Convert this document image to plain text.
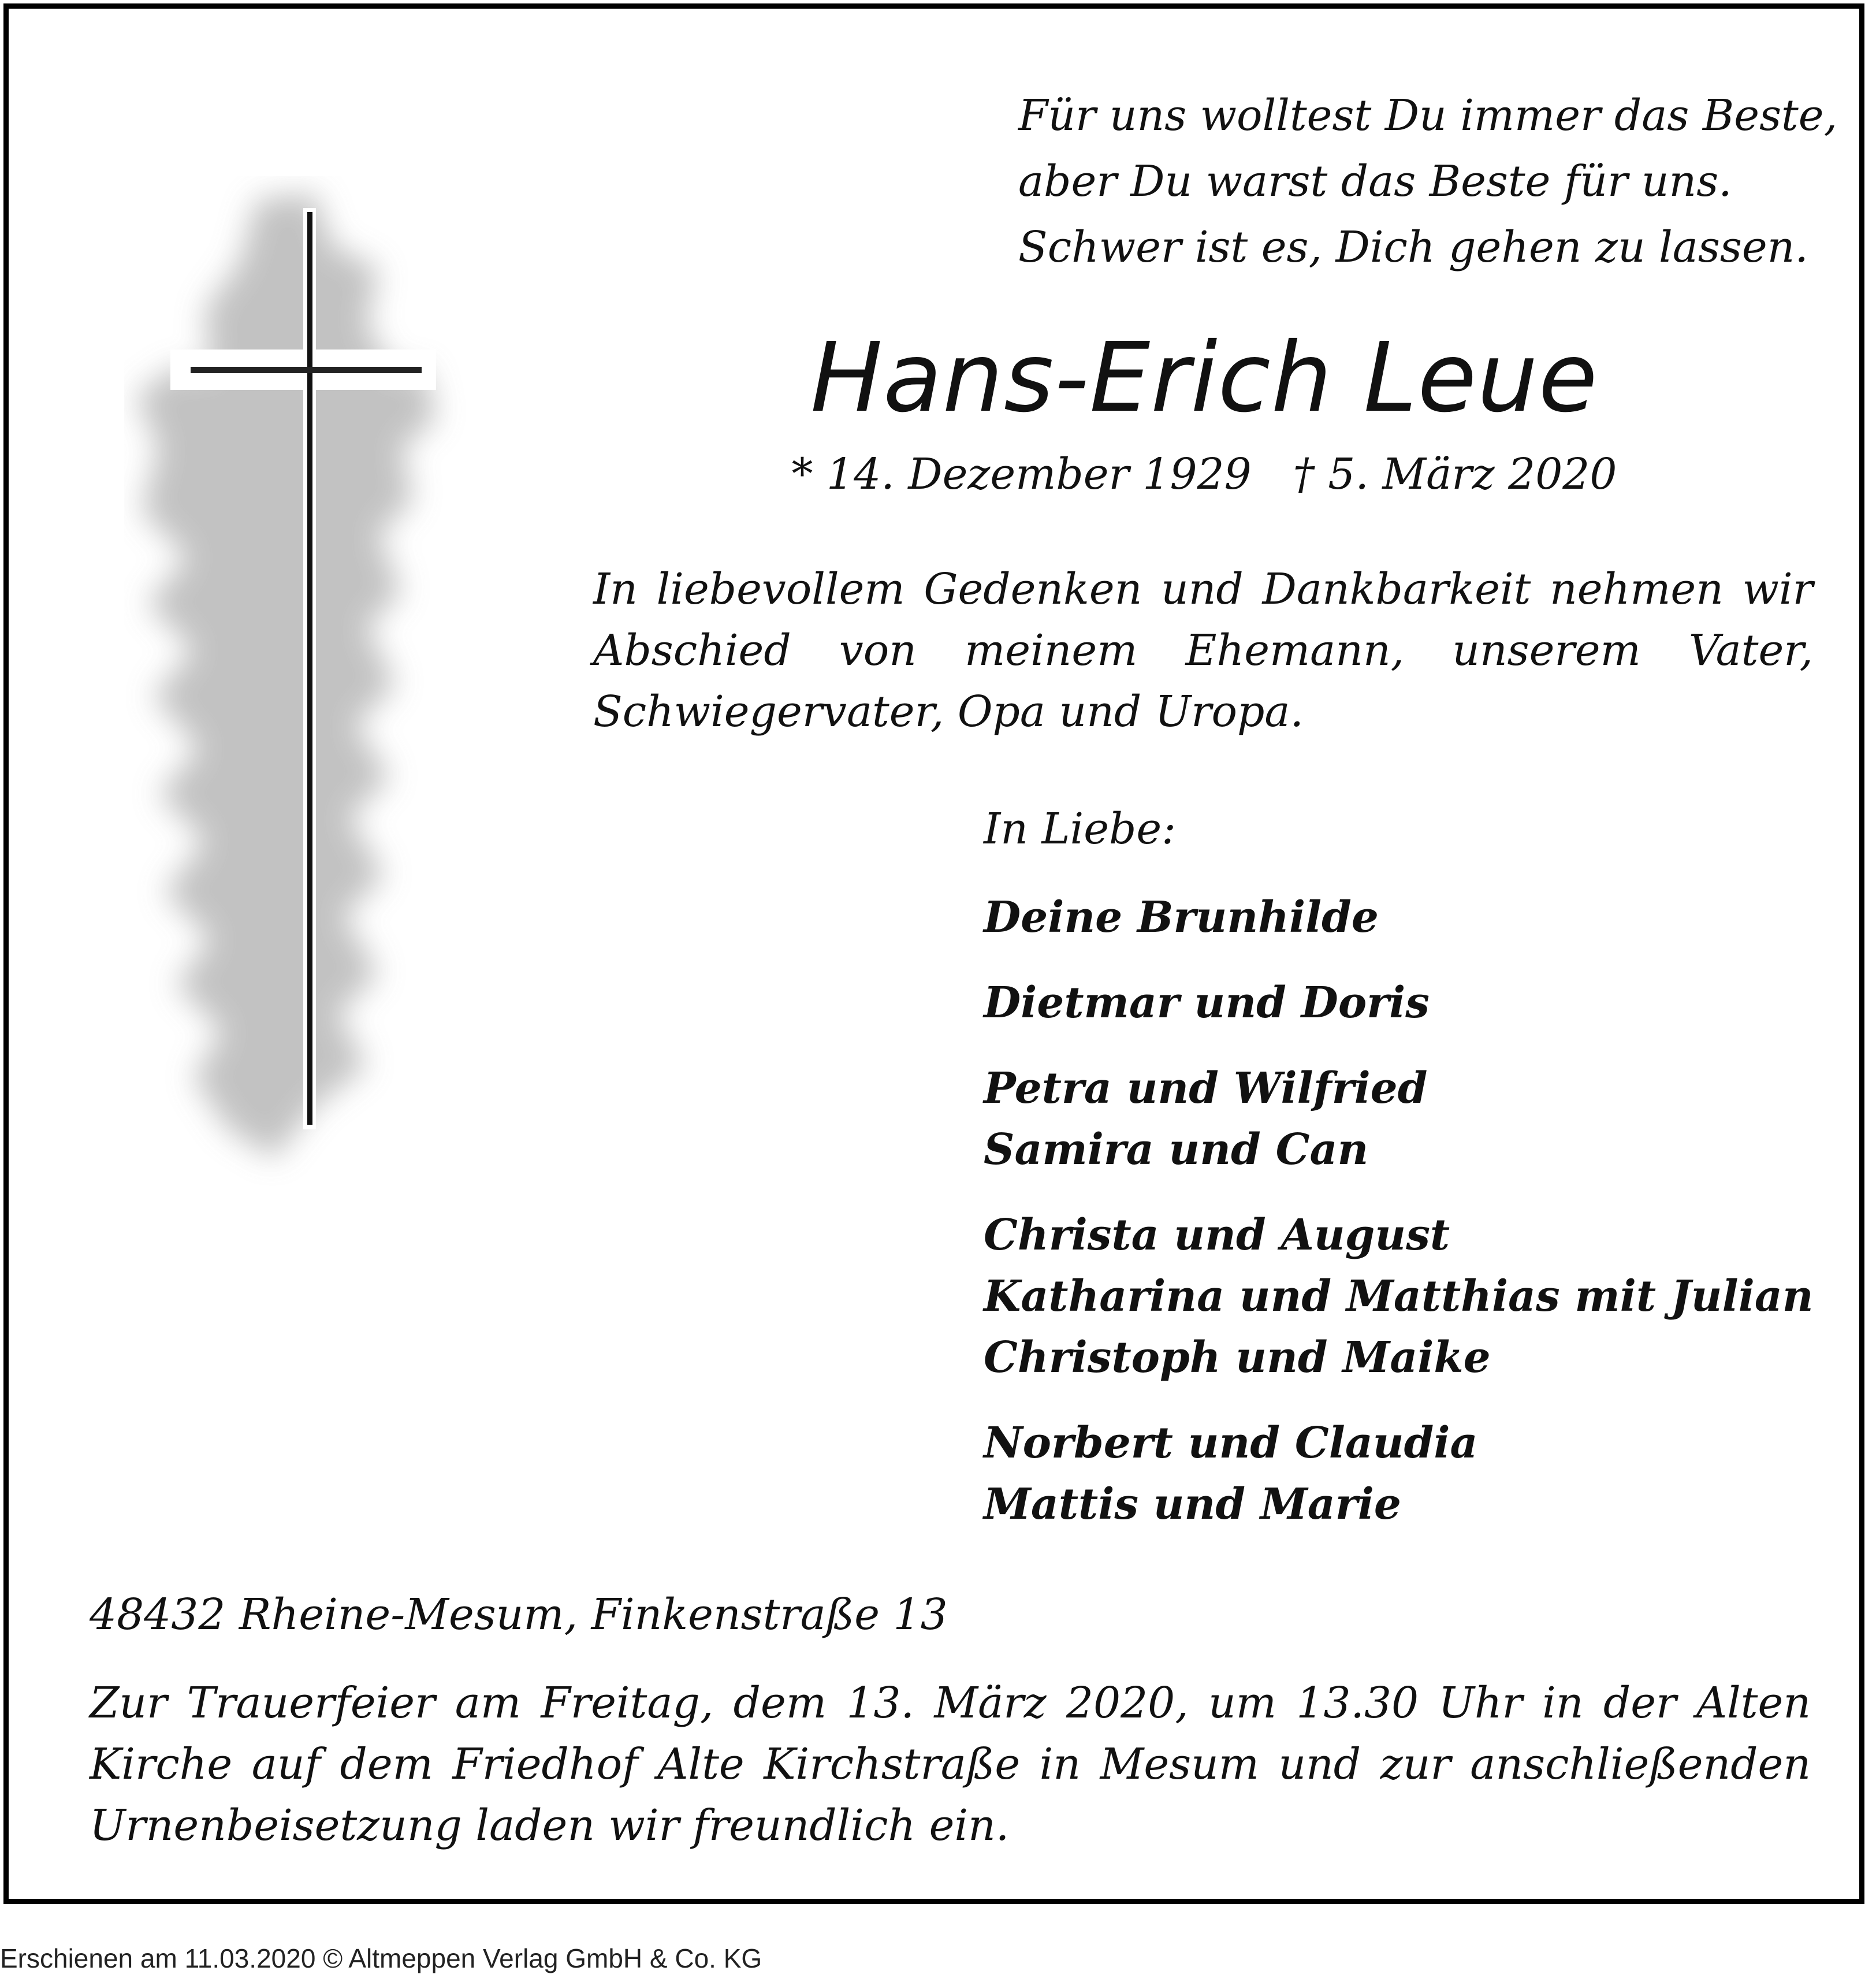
Für uns wolltest Du immer das Beste,
aber Du warst das Beste für uns.
Schwer ist es, Dich gehen zu lassen.
Hans-Erich Leue
* 14. Dezember 1929 † 5. März 2020
In liebevollem Gedenken und Dankbarkeit nehmen wir Abschied von meinem Ehemann, unserem Vater, Schwiegervater, Opa und Uropa.
In Liebe:
Deine Brunhilde
Dietmar und Doris
Petra und Wilfried
Samira und Can
Christa und August
Katharina und Matthias mit Julian
Christoph und Maike
Norbert und Claudia
Mattis und Marie
48432 Rheine-Mesum, Finkenstraße 13
Zur Trauerfeier am Freitag, dem 13. März 2020, um 13.30 Uhr in der Alten Kirche auf dem Friedhof Alte Kirchstraße in Mesum und zur anschließenden Urnenbeisetzung laden wir freundlich ein.
Erschienen am 11.03.2020 © Altmeppen Verlag GmbH & Co. KG
